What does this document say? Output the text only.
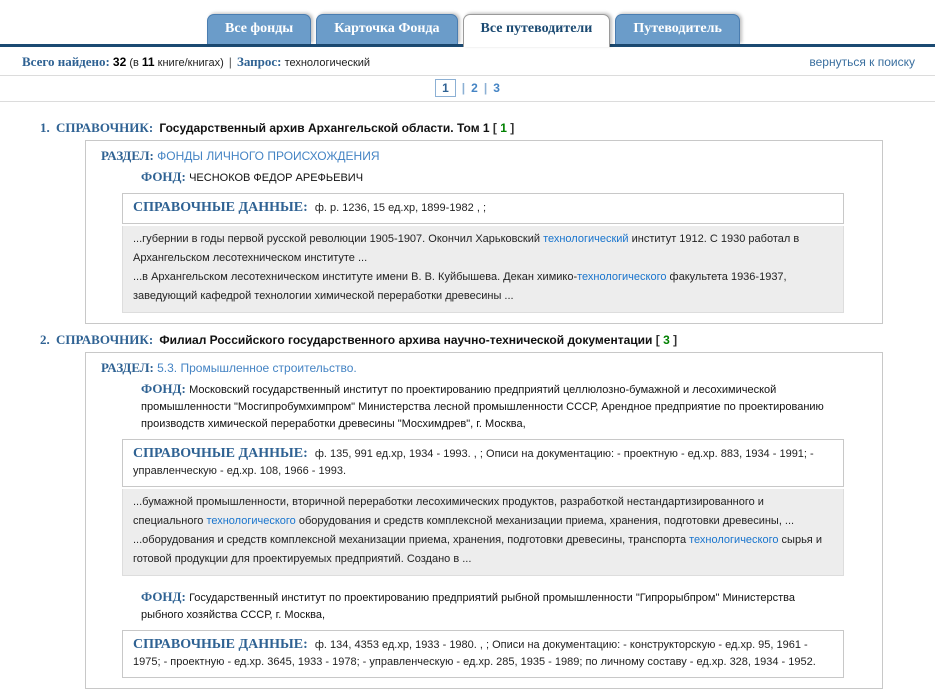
Все фонды	Карточка Фонда	Все путеводители	Путеводитель
Всего найдено: 32 (в 11 книге/книгах) | Запрос: технологический	вернуться к поиску
1 | 2 | 3
1. СПРАВОЧНИК: Государственный архив Архангельской области. Том 1 [ 1 ]
РАЗДЕЛ: ФОНДЫ ЛИЧНОГО ПРОИСХОЖДЕНИЯ
ФОНД: ЧЕСНОКОВ ФЕДОР АРЕФЬЕВИЧ
СПРАВОЧНЫЕ ДАННЫЕ: ф. р. 1236, 15 ед.хр, 1899-1982 , ;
...губернии в годы первой русской революции 1905-1907. Окончил Харьковский технологический институт 1912. С 1930 работал в Архангельском лесотехническом институте ...
...в Архангельском лесотехническом институте имени В. В. Куйбышева. Декан химико-технологического факультета 1936-1937, заведующий кафедрой технологии химической переработки древесины ...
2. СПРАВОЧНИК: Филиал Российского государственного архива научно-технической документации [ 3 ]
РАЗДЕЛ: 5.3. Промышленное строительство.
ФОНД: Московский государственный институт по проектированию предприятий целлюлозно-бумажной и лесохимической промышленности "Мосгипробумхимпром" Министерства лесной промышленности СССР, Арендное предприятие по проектированию производств химической переработки древесины "Мосхимдрев", г. Москва,
СПРАВОЧНЫЕ ДАННЫЕ: ф. 135, 991 ед.хр, 1934 - 1993. , ; Описи на документацию: - проектную - ед.хр. 883, 1934 - 1991; - управленческую - ед.хр. 108, 1966 - 1993.
...бумажной промышленности, вторичной переработки лесохимических продуктов, разработкой нестандартизированного и специального технологического оборудования и средств комплексной механизации приема, хранения, подготовки древесины, ...
...оборудования и средств комплексной механизации приема, хранения, подготовки древесины, транспорта технологического сырья и готовой продукции для проектируемых предприятий. Создано в ...
ФОНД: Государственный институт по проектированию предприятий рыбной промышленности "Гипрорыбпром" Министерства рыбного хозяйства СССР, г. Москва,
СПРАВОЧНЫЕ ДАННЫЕ: ф. 134, 4353 ед.хр, 1933 - 1980. , ; Описи на документацию: - конструкторскую - ед.хр. 95, 1961 - 1975; - проектную - ед.хр. 3645, 1933 - 1978; - управленческую - ед.хр. 285, 1935 - 1989; по личному составу - ед.хр. 328, 1934 - 1952.
